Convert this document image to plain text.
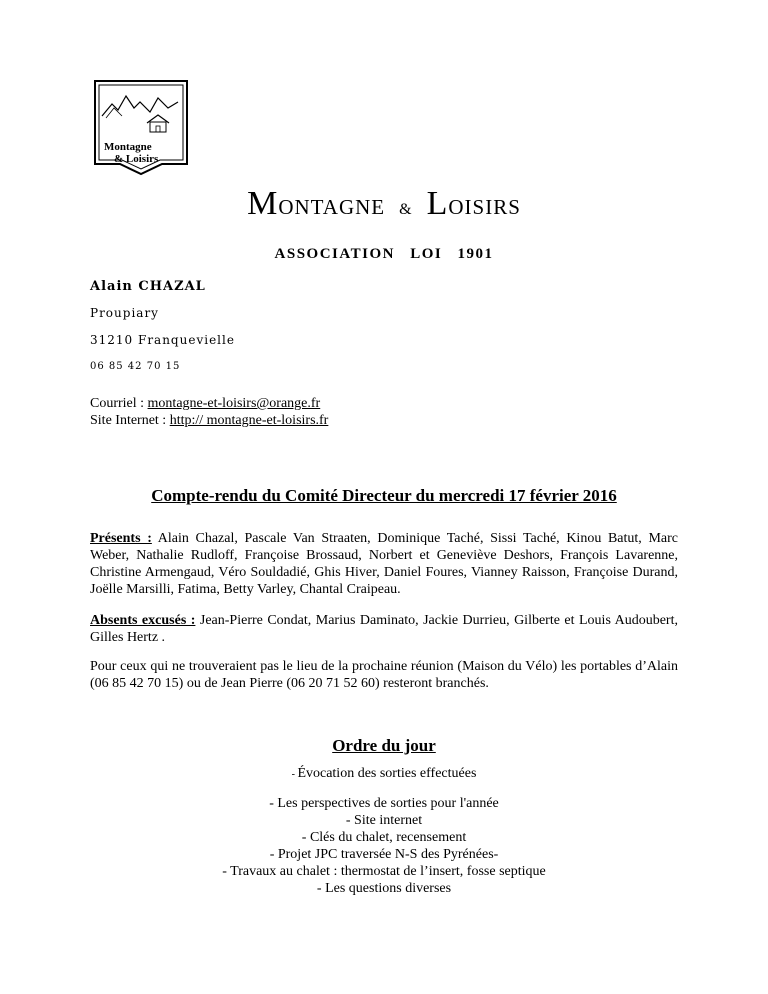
Montagne
& Loisirs
MONTAGNE & LOISIRS
ASSOCIATION LOI 1901
Alain CHAZAL
Proupiary
31210 Franquevielle
06 85 42 70 15
Courriel : montagne-et-loisirs@orange.fr
Site Internet : http:// montagne-et-loisirs.fr
Compte-rendu du Comité Directeur du mercredi 17 février 2016
Présents : Alain Chazal, Pascale Van Straaten, Dominique Taché, Sissi Taché, Kinou Batut, Marc Weber, Nathalie Rudloff, Françoise Brossaud, Norbert et Geneviève Deshors, François Lavarenne, Christine Armengaud, Véro Souldadié, Ghis Hiver, Daniel Foures, Vianney Raisson, Françoise Durand, Joëlle Marsilli, Fatima, Betty Varley, Chantal Craipeau.
Absents excusés : Jean-Pierre Condat, Marius Daminato, Jackie Durrieu, Gilberte et Louis Audoubert, Gilles Hertz .
Pour ceux qui ne trouveraient pas le lieu de la prochaine réunion (Maison du Vélo) les portables d’Alain (06 85 42 70 15) ou de Jean Pierre (06 20 71 52 60) resteront branchés.
Ordre du jour
- Évocation des sorties effectuées
- Les perspectives de sorties pour l'année
- Site internet
- Clés du chalet, recensement
- Projet JPC traversée N-S des Pyrénées-
- Travaux au chalet : thermostat de l’insert, fosse septique
- Les questions diverses
